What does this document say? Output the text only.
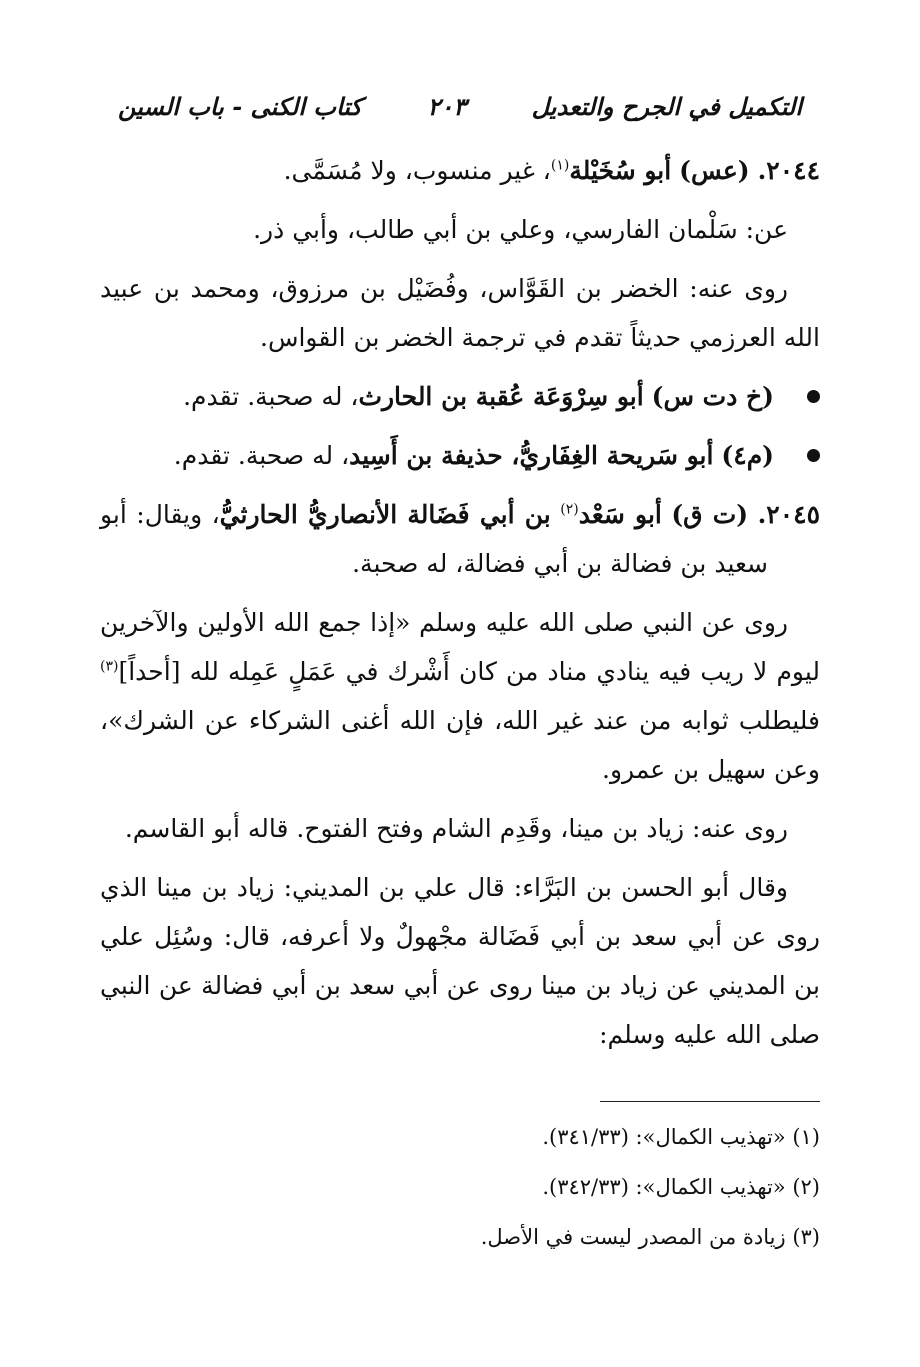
التكميل في الجرح والتعديل
٢٠٣
كتاب الكنى - باب السين

٢٠٤٤. (عس) أبو سُخَيْلة$^{(١)}$، غير منسوب، ولا مُسَمَّى.

عن: سَلْمان الفارسي، وعلي بن أبي طالب، وأبي ذر.

روى عنه: الخضر بن القَوَّاس، وفُضَيْل بن مرزوق، ومحمد بن عبيد الله العرزمي حديثاً تقدم في ترجمة الخضر بن القواس.

(خ دت س) أبو سِرْوَعَة عُقبة بن الحارث، له صحبة. تقدم.

(م٤) أبو سَريحة الغِفَاريُّ، حذيفة بن أَسِيد، له صحبة. تقدم.

٢٠٤٥. (ت ق) أبو سَعْد$^{(٢)}$ بن أبي فَضَالة الأنصاريُّ الحارثيُّ، ويقال: أبو سعيد بن فضالة بن أبي فضالة، له صحبة.

روى عن النبي صلى الله عليه وسلم «إذا جمع الله الأولين والآخرين ليوم لا ريب فيه ينادي مناد من كان أَشْرك في عَمَلٍ عَمِله لله [أحداً]$^{(٣)}$ فليطلب ثوابه من عند غير الله، فإن الله أغنى الشركاء عن الشرك»، وعن سهيل بن عمرو.

روى عنه: زياد بن مينا، وقَدِم الشام وفتح الفتوح. قاله أبو القاسم.

وقال أبو الحسن بن البَرَّاء: قال علي بن المديني: زياد بن مينا الذي روى عن أبي سعد بن أبي فَضَالة مجْهولٌ ولا أعرفه، قال: وسُئِل علي بن المديني عن زياد بن مينا روى عن أبي سعد بن أبي فضالة عن النبي صلى الله عليه وسلم:

(١) «تهذيب الكمال»: (٣٤١/٣٣).

(٢) «تهذيب الكمال»: (٣٤٢/٣٣).

(٣) زيادة من المصدر ليست في الأصل.
